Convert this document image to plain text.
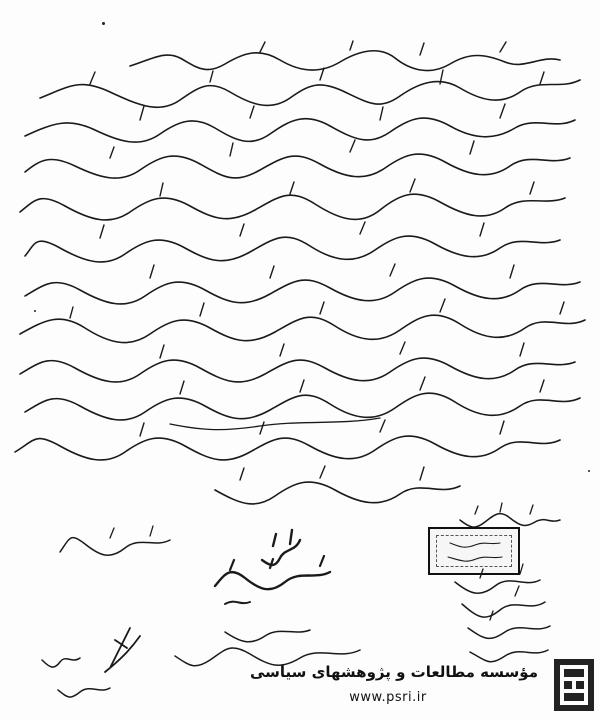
مؤسسه مطالعات و پژوهشهای سیاسی
www.psri.ir
